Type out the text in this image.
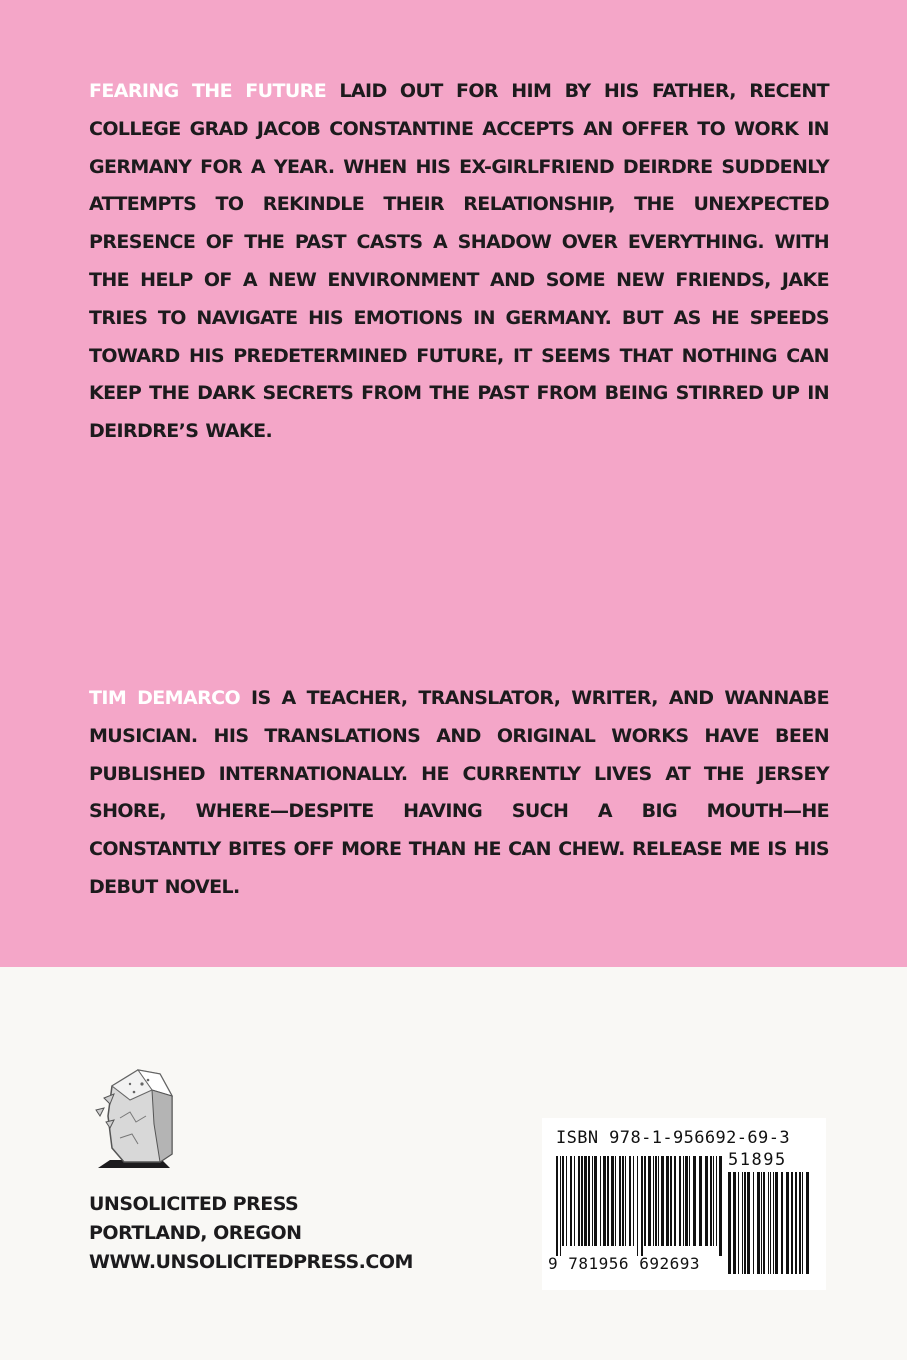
FEARING THE FUTURE LAID OUT FOR HIM BY HIS FATHER, RECENT COLLEGE GRAD JACOB CONSTANTINE ACCEPTS AN OFFER TO WORK IN GERMANY FOR A YEAR. WHEN HIS EX-GIRLFRIEND DEIRDRE SUDDENLY ATTEMPTS TO REKINDLE THEIR RELATIONSHIP, THE UNEXPECTED PRESENCE OF THE PAST CASTS A SHADOW OVER EVERYTHING. WITH THE HELP OF A NEW ENVIRONMENT AND SOME NEW FRIENDS, JAKE TRIES TO NAVIGATE HIS EMOTIONS IN GERMANY. BUT AS HE SPEEDS TOWARD HIS PREDETERMINED FUTURE, IT SEEMS THAT NOTHING CAN KEEP THE DARK SECRETS FROM THE PAST FROM BEING STIRRED UP IN DEIRDRE’S WAKE.

TIM DEMARCO IS A TEACHER, TRANSLATOR, WRITER, AND WANNABE MUSICIAN. HIS TRANSLATIONS AND ORIGINAL WORKS HAVE BEEN PUBLISHED INTERNATIONALLY. HE CURRENTLY LIVES AT THE JERSEY SHORE, WHERE—DESPITE HAVING SUCH A BIG MOUTH—HE CONSTANTLY BITES OFF MORE THAN HE CAN CHEW. RELEASE ME IS HIS DEBUT NOVEL.

UNSOLICITED PRESS
PORTLAND, OREGON
WWW.UNSOLICITEDPRESS.COM
ISBN 978-1-956692-69-3
51895
9 781956 692693
